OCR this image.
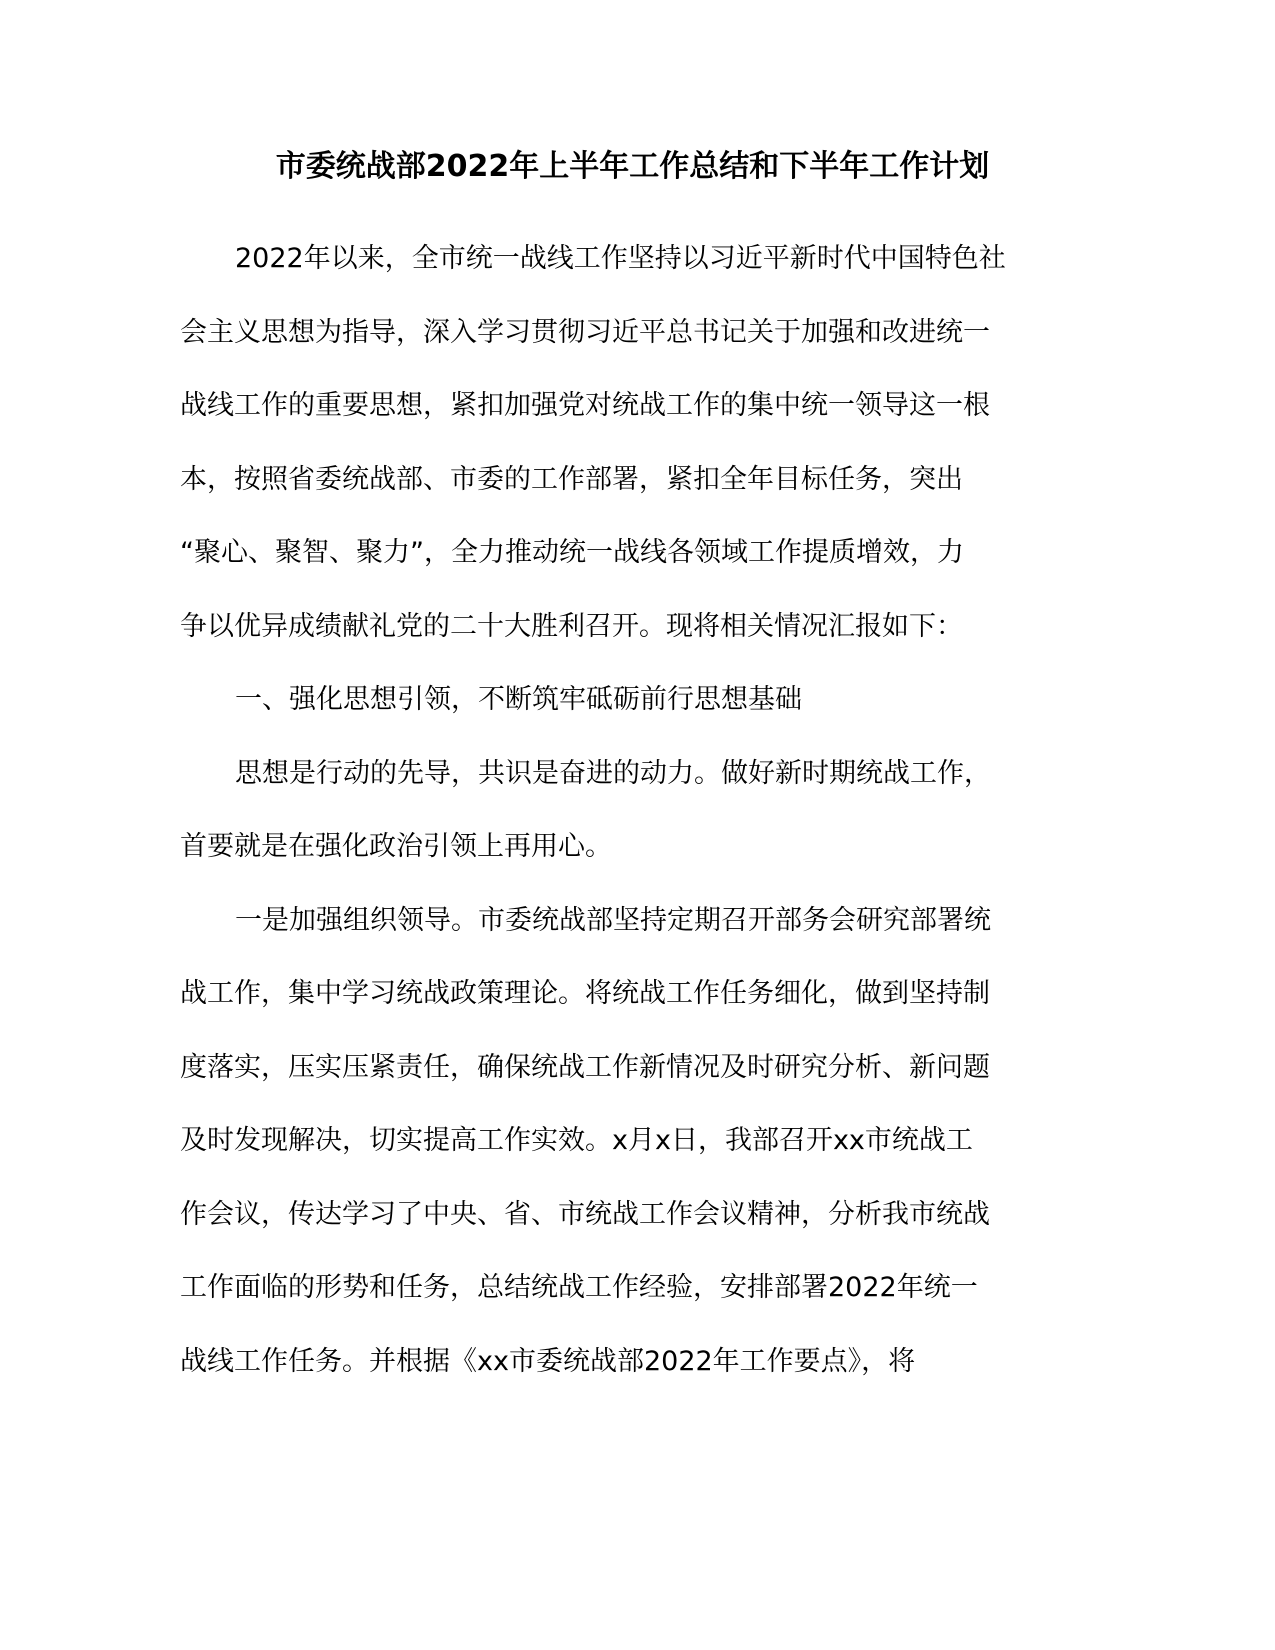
市委统战部2022年上半年工作总结和下半年工作计划
2022年以来，全市统一战线工作坚持以习近平新时代中国特色社
会主义思想为指导，深入学习贯彻习近平总书记关于加强和改进统一
战线工作的重要思想，紧扣加强党对统战工作的集中统一领导这一根
本，按照省委统战部、市委的工作部署，紧扣全年目标任务，突出
“聚心、聚智、聚力”，全力推动统一战线各领域工作提质增效，力
争以优异成绩献礼党的二十大胜利召开。现将相关情况汇报如下：
一、强化思想引领，不断筑牢砥砺前行思想基础
思想是行动的先导，共识是奋进的动力。做好新时期统战工作，
首要就是在强化政治引领上再用心。
一是加强组织领导。市委统战部坚持定期召开部务会研究部署统
战工作，集中学习统战政策理论。将统战工作任务细化，做到坚持制
度落实，压实压紧责任，确保统战工作新情况及时研究分析、新问题
及时发现解决，切实提高工作实效。x月x日，我部召开xx市统战工
作会议，传达学习了中央、省、市统战工作会议精神，分析我市统战
工作面临的形势和任务，总结统战工作经验，安排部署2022年统一
战线工作任务。并根据《xx市委统战部2022年工作要点》，将
